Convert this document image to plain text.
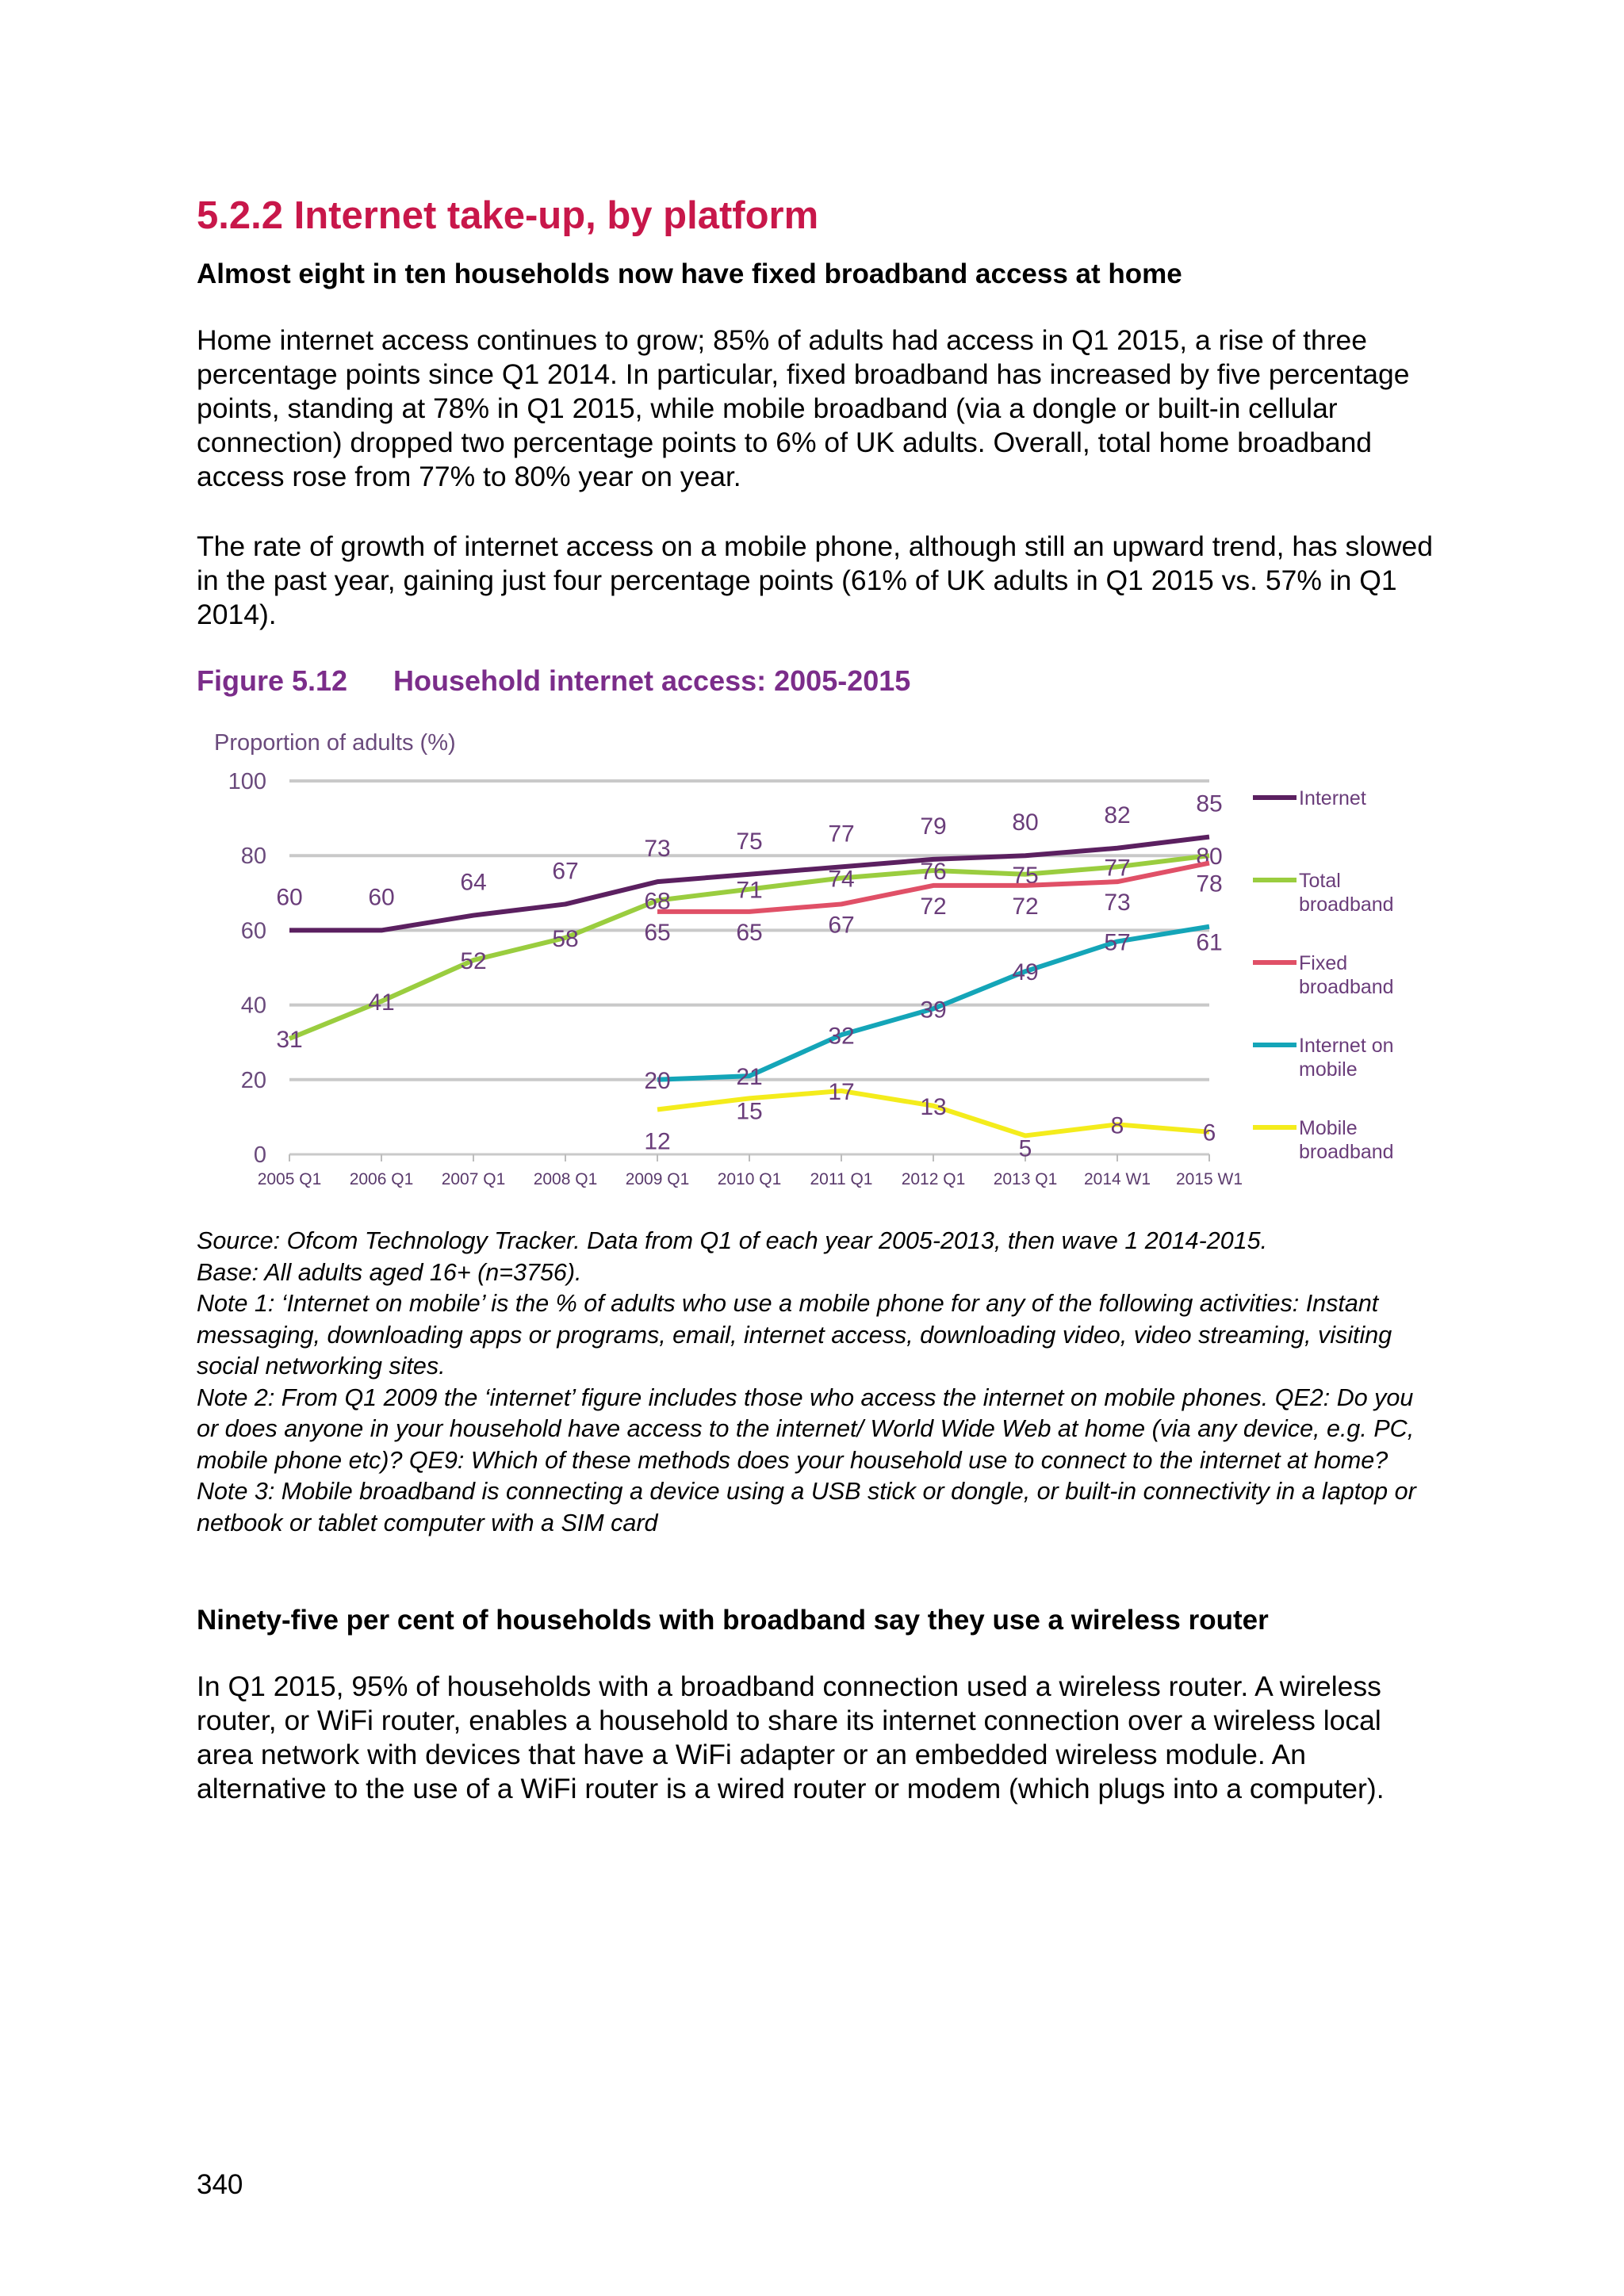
5.2.2 Internet take-up, by platform
Almost eight in ten households now have fixed broadband access at home

Home internet access continues to grow; 85% of adults had access in Q1 2015, a rise of three percentage points since Q1 2014. In particular, fixed broadband has increased by five percentage points, standing at 78% in Q1 2015, while mobile broadband (via a dongle or built-in cellular connection) dropped two percentage points to 6% of UK adults. Overall, total home broadband access rose from 77% to 80% year on year.

The rate of growth of internet access on a mobile phone, although still an upward trend, has slowed in the past year, gaining just four percentage points (61% of UK adults in Q1 2015 vs. 57% in Q1 2014).

Figure 5.12 Household internet access: 2005-2015

Proportion of adults (%)
0
20
40
60
80
100
2005 Q1 2006 Q1 2007 Q1 2008 Q1 2009 Q1 2010 Q1 2011 Q1 2012 Q1 2013 Q1 2014 W1 2015 W1
60	60
64	67
73	75	77	79	80	82	85	Internet
31
41
52
58
68	71	74	76	75	77	80
Total broadband
65	65	67
72	72	73
78
Fixed broadband
20	21
32
39
49
57	61
Internet on mobile
12
15
17
13
5
8	6	Mobile broadband

Source: Ofcom Technology Tracker. Data from Q1 of each year 2005-2013, then wave 1 2014-2015.

Base: All adults aged 16+ (n=3756).

Note 1: ‘Internet on mobile’ is the % of adults who use a mobile phone for any of the following activities: Instant messaging, downloading apps or programs, email, internet access, downloading video, video streaming, visiting social networking sites.

Note 2: From Q1 2009 the ‘internet’ figure includes those who access the internet on mobile phones. QE2: Do you or does anyone in your household have access to the internet/ World Wide Web at home (via any device, e.g. PC, mobile phone etc)? QE9: Which of these methods does your household use to connect to the internet at home?

Note 3: Mobile broadband is connecting a device using a USB stick or dongle, or built-in connectivity in a laptop or netbook or tablet computer with a SIM card

Ninety-five per cent of households with broadband say they use a wireless router

In Q1 2015, 95% of households with a broadband connection used a wireless router. A wireless router, or WiFi router, enables a household to share its internet connection over a wireless local area network with devices that have a WiFi adapter or an embedded wireless module. An alternative to the use of a WiFi router is a wired router or modem (which plugs into a computer).

340
